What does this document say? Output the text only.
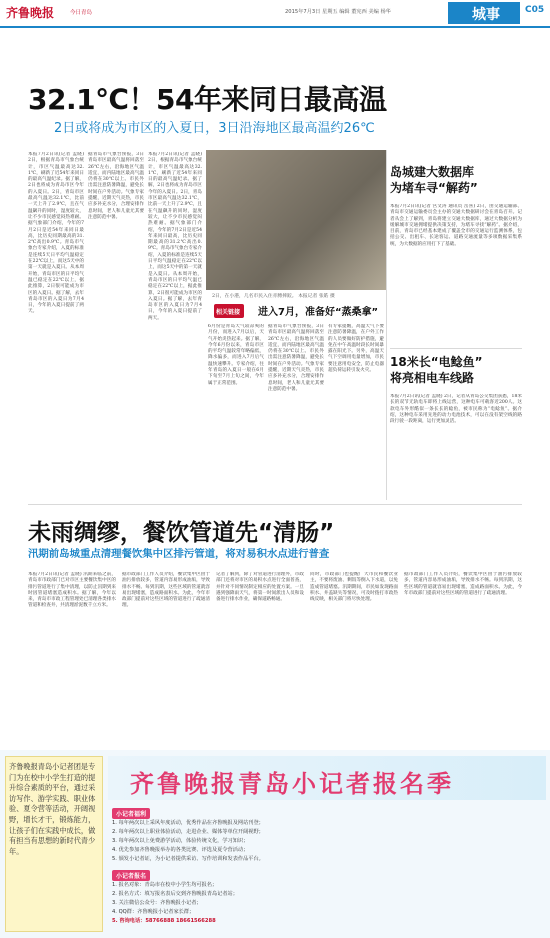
齐鲁晚报	今日青岛	2015年7月3日 星期五 编辑 董宪西 美编 杨华	城事	C05
32.1℃！54年来同日最高温
2日或将成为市区的入夏日，3日沿海地区最高温约26℃
本报7月2日讯(记者 孟晓) 2日，根据青岛市气象台统计，市区气温最高达32.1℃，刷新了近54年来同日的最高气温纪录。据了解，2日也将成为青岛市区今年的入夏日。2日，青岛市区最高气温达32.1℃，比前一天上升了2.9℃，且在气温飙升的同时，湿度较大，让不少市民感觉闷热难耐。据气象部门介绍，今年的7月2日是近54年来同日最高，比历史同期最高的31.2℃高出0.9℃。青岛市气象台专家介绍，入夏的标准是连续5天日平均气温稳定在22℃以上，而这5天中的第一天就是入夏日。从本周开始，青岛市区的日平均气温已稳定在22℃以上，据此推算，2日很可能成为市区的入夏日。据了解，去年青岛市区的入夏日为7月4日，今年的入夏日提前了两天。
据青岛市气象台预报，3日青岛市区最高气温将回落至26℃左右，沿海地区气温适宜，而内陆地区最高气温仍将在30℃以上。市民外出需注意防暑降温，避免长时间在户外活动。气象专家提醒，近期天气炎热，市民应多补充水分，合理安排作息时间，老人和儿童尤其要注意防范中暑。
本报7月2日讯(记者 孟晓) 2日，根据青岛市气象台统计，市区气温最高达32.1℃，刷新了近54年来同日的最高气温纪录。据了解，2日也将成为青岛市区今年的入夏日。2日，青岛市区最高气温达32.1℃，比前一天上升了2.9℃，且在气温飙升的同时，湿度较大，让不少市民感觉闷热难耐。据气象部门介绍，今年的7月2日是近54年来同日最高，比历史同期最高的31.2℃高出0.9℃。青岛市气象台专家介绍，入夏的标准是连续5天日平均气温稳定在22℃以上，而这5天中的第一天就是入夏日。从本周开始，青岛市区的日平均气温已稳定在22℃以上，据此推算，2日很可能成为市区的入夏日。据了解，去年青岛市区的入夏日为7月4日，今年的入夏日提前了两天。
2日，在小港，几名市民入住赤膊摔跤。 本报记者 张皓 摄
相关链接 进入7月，准备好“蒸桑拿”
6月份是青岛天气较凉爽的月份，而进入7月以后，天气开始炎热起来。据了解，今年6月份以来，青岛市区的平均气温较常年略偏低，降水偏多，而进入7月后气温快速攀升。专家介绍，往年青岛的入夏日一般在6月下旬至7月上旬之间，今年属于正常范围。
据青岛市气象台预报，3日青岛市区最高气温将回落至26℃左右，沿海地区气温适宜，而内陆地区最高气温仍将在30℃以上。市民外出需注意防暑降温，避免长时间在户外活动。气象专家提醒，近期天气炎热，市民应多补充水分，合理安排作息时间，老人和儿童尤其要注意防范中暑。
有专家提醒，高温天气下要注意防暑降温，在户外工作的人员要做好防护措施，避免在中午高温时段长时间暴露在阳光下。另外，高温天气下空调用电量增加，市民要注意用电安全，防止电器超负荷运转引发火灾。
岛城建大数据库
为堵车寻“解药”
本报7月2日讯(记者 宫文涛 通讯员 岳喜) 2日，由交通运输部、青岛市交通运输委员会主办的交通大数据研讨会在青岛召开。记者从会上了解到，青岛将建立交通大数据库，通过大数据分析为缓解城市交通拥堵提供决策支持，为堵车寻找“解药”。据介绍，目前，青岛市已经基本建成了覆盖全市的交通运行监测体系，包括公交、出租车、长途客运、道路交通流量等多项数据采集系统，为大数据的应用打下了基础。
18米长“电鲶鱼”
将亮相电车线路
本报7月2日讯(记者 孟晓) 2日，记者从青岛公交集团获悉，18米长的双节无轨电车即将上线运营，这种电车可载客近200人。这款电车外形酷似一条长长的鲶鱼，被市民称为“电鲶鱼”。据介绍，这种电车采用先进的动力电池技术，可以在没有架空线的路段行驶一段距离，运行更加灵活。
未雨绸缪，餐饮管道先“清肠”
汛期前岛城重点清理餐饮集中区排污管道，将对易积水点进行普查
本报7月2日讯(记者 孟晓) 汛期来临之前，青岛市市政部门已对市区主要餐饮集中区的排污管道进行了集中清理，以防止汛期到来时因管道堵塞造成积水。据了解，今年以来，青岛市市政工程管理处已清理各类排水管道和检查井，共清理淤泥数千立方米。
据市政部门工作人员介绍，餐饮集中区由于油污排放较多，管道内容易形成油垢，导致排水不畅。每到汛期，这些区域的管道就容易出现堵塞，造成路面积水。为此，今年市政部门提前对这些区域的管道进行了疏通清理。
记者了解到，除了对管道进行清理外，市政部门还将对市区的易积水点进行全面普查，并针对不同情况制定相应的处置方案。一旦遇到强降雨天气，将第一时间派出人员和设备进行排水作业，确保道路畅通。
同时，市政部门也提醒广大市民和餐饮业主，不要将废油、剩饭等倒入下水道，以免造成管道堵塞。汛期期间，市民如发现路面积水、井盖缺失等情况，可及时拨打市政热线反映，相关部门将尽快处理。
据市政部门工作人员介绍，餐饮集中区由于油污排放较多，管道内容易形成油垢，导致排水不畅。每到汛期，这些区域的管道就容易出现堵塞，造成路面积水。为此，今年市政部门提前对这些区域的管道进行了疏通清理。
齐鲁晚报青岛小记者团是专门为在校中小学生打造的提升综合素质的平台，通过采访写作、游学实践、职业体验、夏令营等活动，开阔视野，增长才干，锻炼能力，让孩子们在实践中成长，做有担当有思想的新时代青少年。
齐鲁晚报青岛小记者报名季
小记者福利
1. 每年两次以上采风年度活动，优秀作品在齐鲁晚报及网站刊登；
2. 每年两次以上职业体验活动，走进企业、媒体等单位开阔视野；
3. 每年两次以上免费游学活动，体验传统文化，学习知识；
4. 优先参加齐鲁晚报举办的各类比赛、评选及夏令营活动；
5. 颁发小记者证，为小记者提供采访、写作培训和发表作品平台。
小记者报名
1. 报名对象：青岛市在校中小学生均可报名；
2. 报名方式：填写报名表后交到齐鲁晚报青岛记者站；
3. 关注微信公众号：齐鲁晚报小记者；
4. QQ群：齐鲁晚报小记者家长群；
5. 咨询电话：58766888 18661566288
